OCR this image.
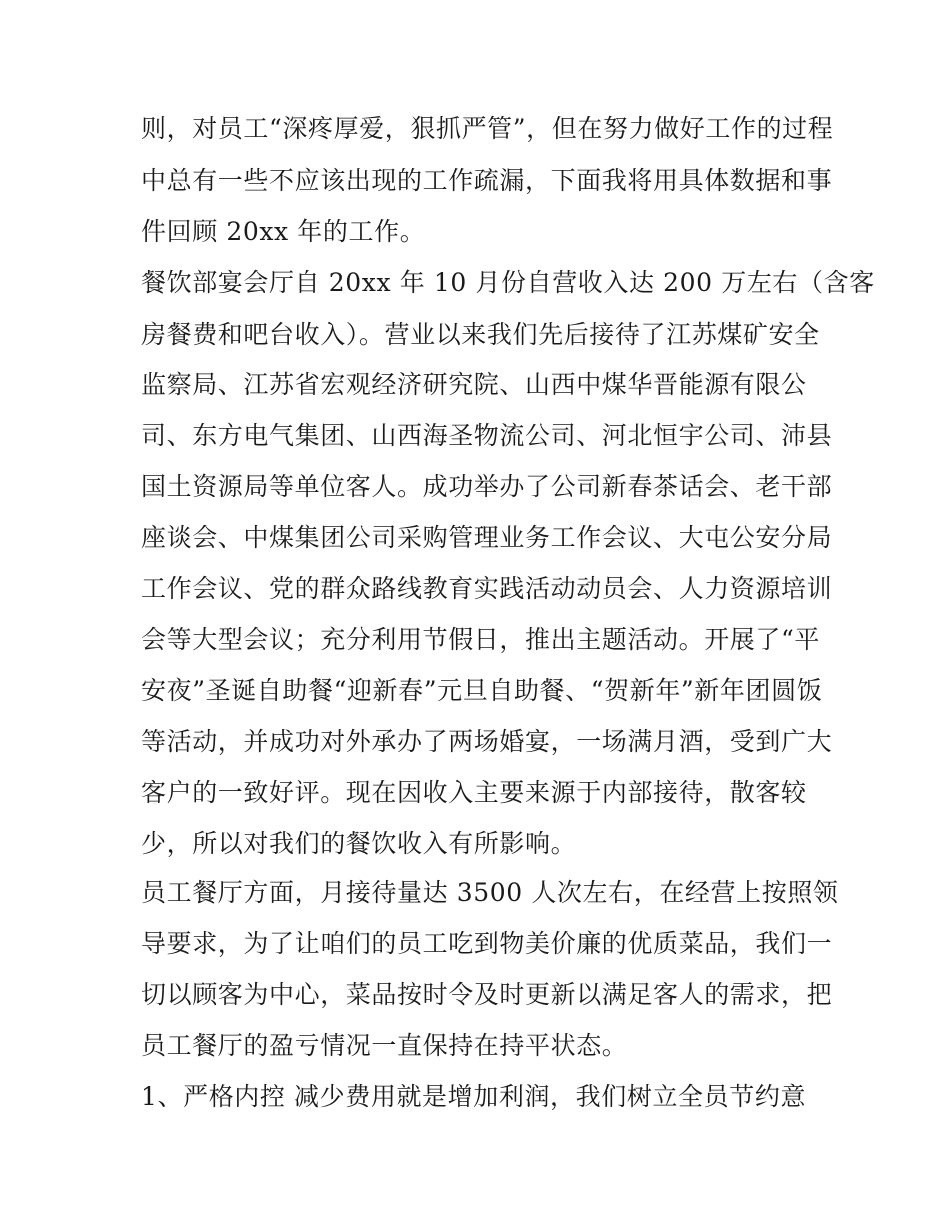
则，对员工“深疼厚爱，狠抓严管”，但在努力做好工作的过程
中总有一些不应该出现的工作疏漏，下面我将用具体数据和事
件回顾 20xx 年的工作。
餐饮部宴会厅自 20xx 年 10 月份自营收入达 200 万左右（含客
房餐费和吧台收入）。营业以来我们先后接待了江苏煤矿安全
监察局、江苏省宏观经济研究院、山西中煤华晋能源有限公
司、东方电气集团、山西海圣物流公司、河北恒宇公司、沛县
国土资源局等单位客人。成功举办了公司新春茶话会、老干部
座谈会、中煤集团公司采购管理业务工作会议、大屯公安分局
工作会议、党的群众路线教育实践活动动员会、人力资源培训
会等大型会议；充分利用节假日，推出主题活动。开展了“平
安夜”圣诞自助餐“迎新春”元旦自助餐、“贺新年”新年团圆饭
等活动，并成功对外承办了两场婚宴，一场满月酒，受到广大
客户的一致好评。现在因收入主要来源于内部接待，散客较
少，所以对我们的餐饮收入有所影响。
员工餐厅方面，月接待量达 3500 人次左右，在经营上按照领
导要求，为了让咱们的员工吃到物美价廉的优质菜品，我们一
切以顾客为中心，菜品按时令及时更新以满足客人的需求，把
员工餐厅的盈亏情况一直保持在持平状态。
1、严格内控 减少费用就是增加利润，我们树立全员节约意
